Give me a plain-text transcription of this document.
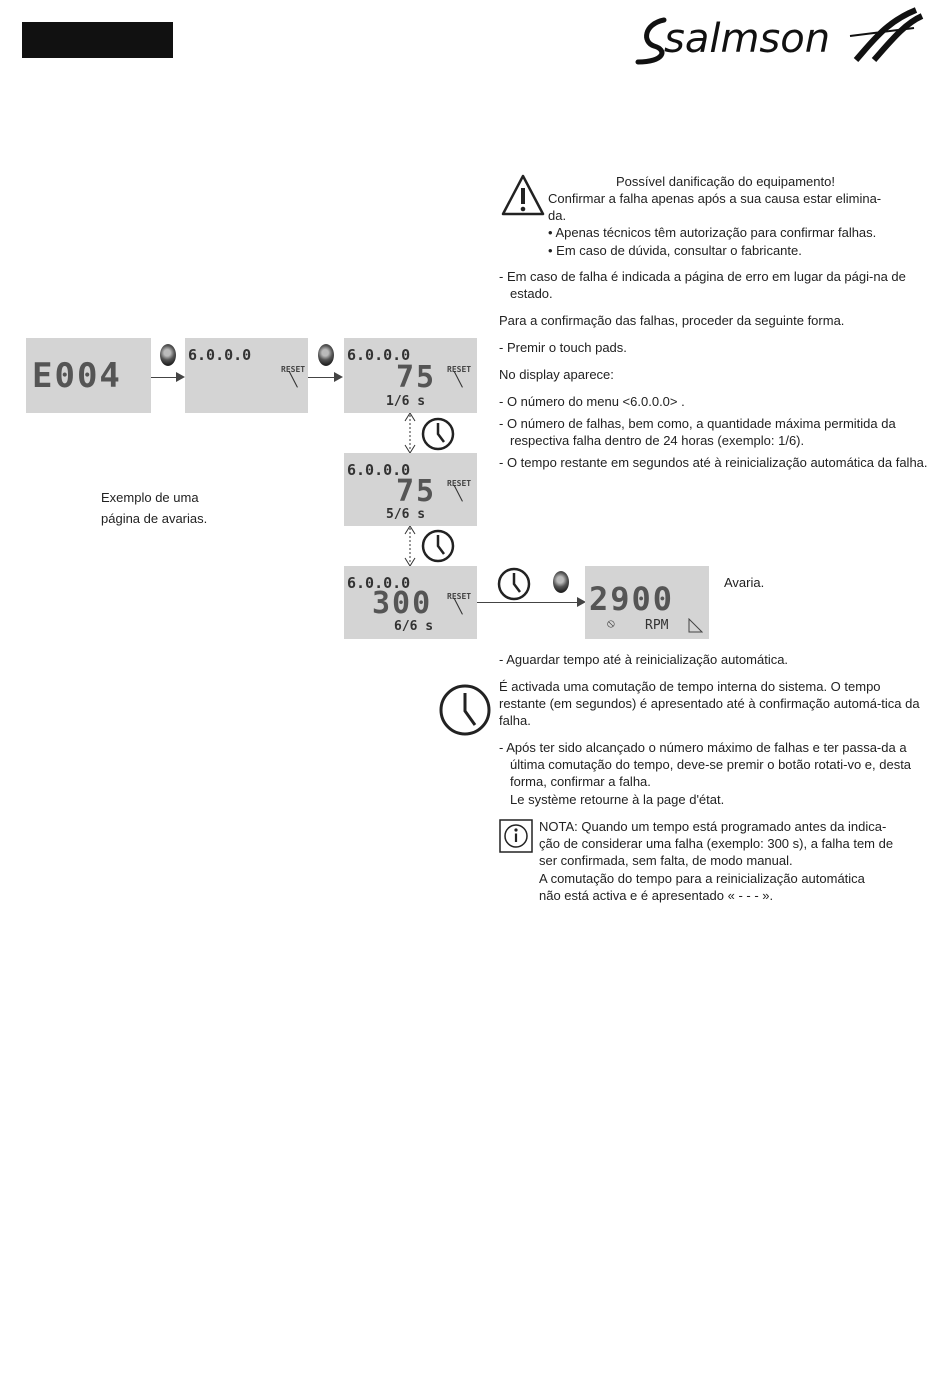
salmson
E004
6.0.0.0
RESET
╲
6.0.0.0
75 RESET
╲
1/6 s
6.0.0.0
75 RESET
╲
5/6 s
Exemplo de uma
página de avarias.
6.0.0.0
300 RESET
╲
6/6 s
2900
⦸ RPM
Avaria.
Possível danificação do equipamento!
Confirmar a falha apenas após a sua causa estar elimina-
da.
• Apenas técnicos têm autorização para confirmar falhas.
• Em caso de dúvida, consultar o fabricante.
- Em caso de falha é indicada a página de erro em lugar da pági-na de estado.
Para a confirmação das falhas, proceder da seguinte forma.
- Premir o touch pads.
No display aparece:
- O número do menu <6.0.0.0> .
- O número de falhas, bem como, a quantidade máxima permitida da respectiva falha dentro de 24 horas (exemplo: 1/6).
- O tempo restante em segundos até à reinicialização automática da falha.
- Aguardar tempo até à reinicialização automática.
É activada uma comutação de tempo interna do sistema. O tempo restante (em segundos) é apresentado até à confirmação automá-tica da falha.
- Após ter sido alcançado o número máximo de falhas e ter passa-da a última comutação do tempo, deve-se premir o botão rotati-vo e, desta forma, confirmar a falha.
Le système retourne à la page d'état.
NOTA: Quando um tempo está programado antes da indica-
ção de considerar uma falha (exemplo: 300 s), a falha tem de
ser confirmada, sem falta, de modo manual.
A comutação do tempo para a reinicialização automática
não está activa e é apresentado « - - - ».
